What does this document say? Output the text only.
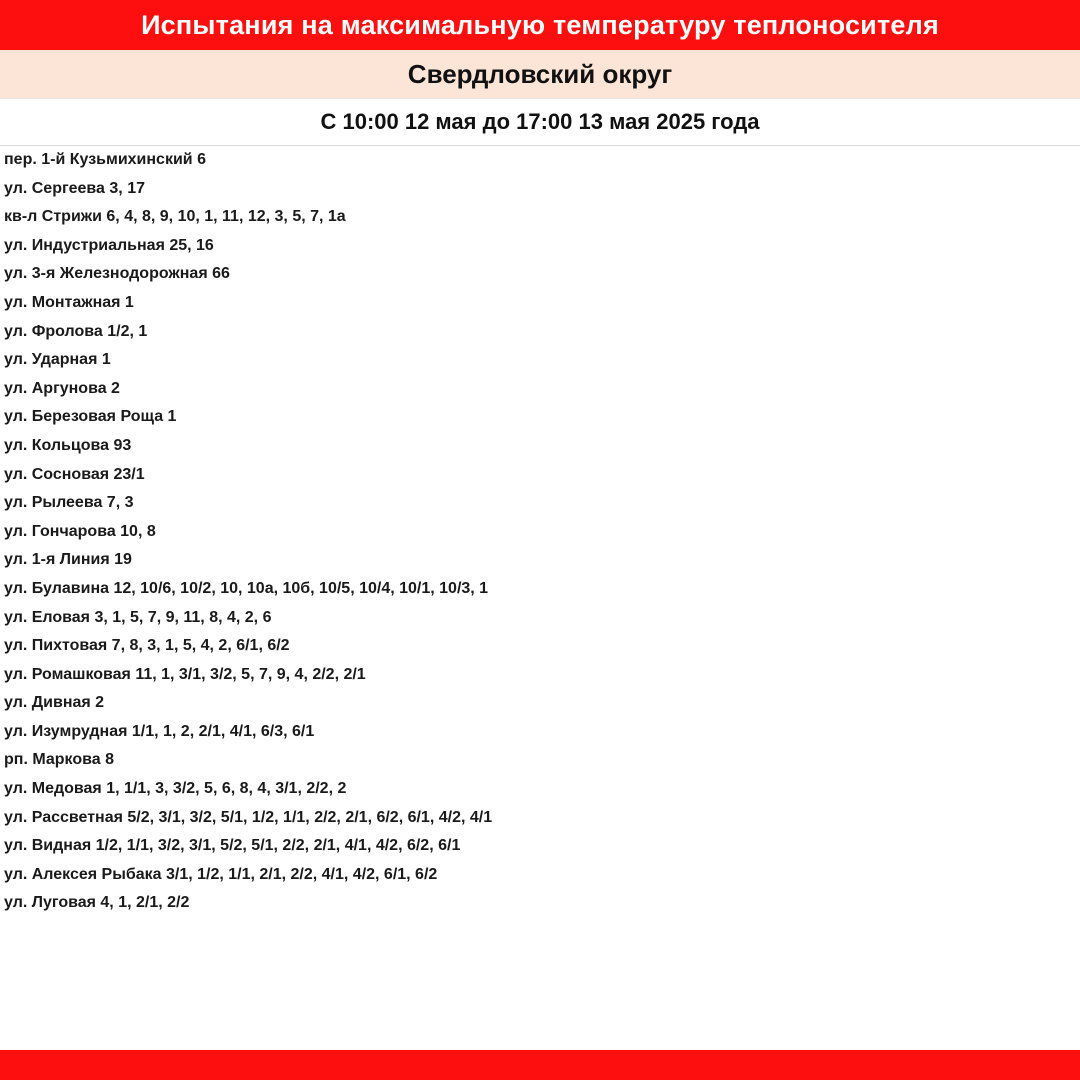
Испытания на максимальную температуру теплоносителя
Свердловский округ
С 10:00 12 мая до 17:00 13 мая 2025 года
пер. 1-й Кузьмихинский 6
ул. Сергеева 3, 17
кв-л Стрижи 6, 4, 8, 9, 10, 1, 11, 12, 3, 5, 7, 1а
ул. Индустриальная 25, 16
ул. 3-я Железнодорожная 66
ул. Монтажная 1
ул. Фролова 1/2, 1
ул. Ударная 1
ул. Аргунова 2
ул. Березовая Роща 1
ул. Кольцова 93
ул. Сосновая 23/1
ул. Рылеева 7, 3
ул. Гончарова 10, 8
ул. 1-я Линия 19
ул. Булавина 12, 10/6, 10/2, 10, 10а, 10б, 10/5, 10/4, 10/1, 10/3, 1
ул. Еловая 3, 1, 5, 7, 9, 11, 8, 4, 2, 6
ул. Пихтовая 7, 8, 3, 1, 5, 4, 2, 6/1, 6/2
ул. Ромашковая 11, 1, 3/1, 3/2, 5, 7, 9, 4, 2/2, 2/1
ул. Дивная 2
ул. Изумрудная 1/1, 1, 2, 2/1, 4/1, 6/3, 6/1
рп. Маркова 8
ул. Медовая 1, 1/1, 3, 3/2, 5, 6, 8, 4, 3/1, 2/2, 2
ул. Рассветная 5/2, 3/1, 3/2, 5/1, 1/2, 1/1, 2/2, 2/1, 6/2, 6/1, 4/2, 4/1
ул. Видная 1/2, 1/1, 3/2, 3/1, 5/2, 5/1, 2/2, 2/1, 4/1, 4/2, 6/2, 6/1
ул. Алексея Рыбака 3/1, 1/2, 1/1, 2/1, 2/2, 4/1, 4/2, 6/1, 6/2
ул. Луговая 4, 1, 2/1, 2/2
